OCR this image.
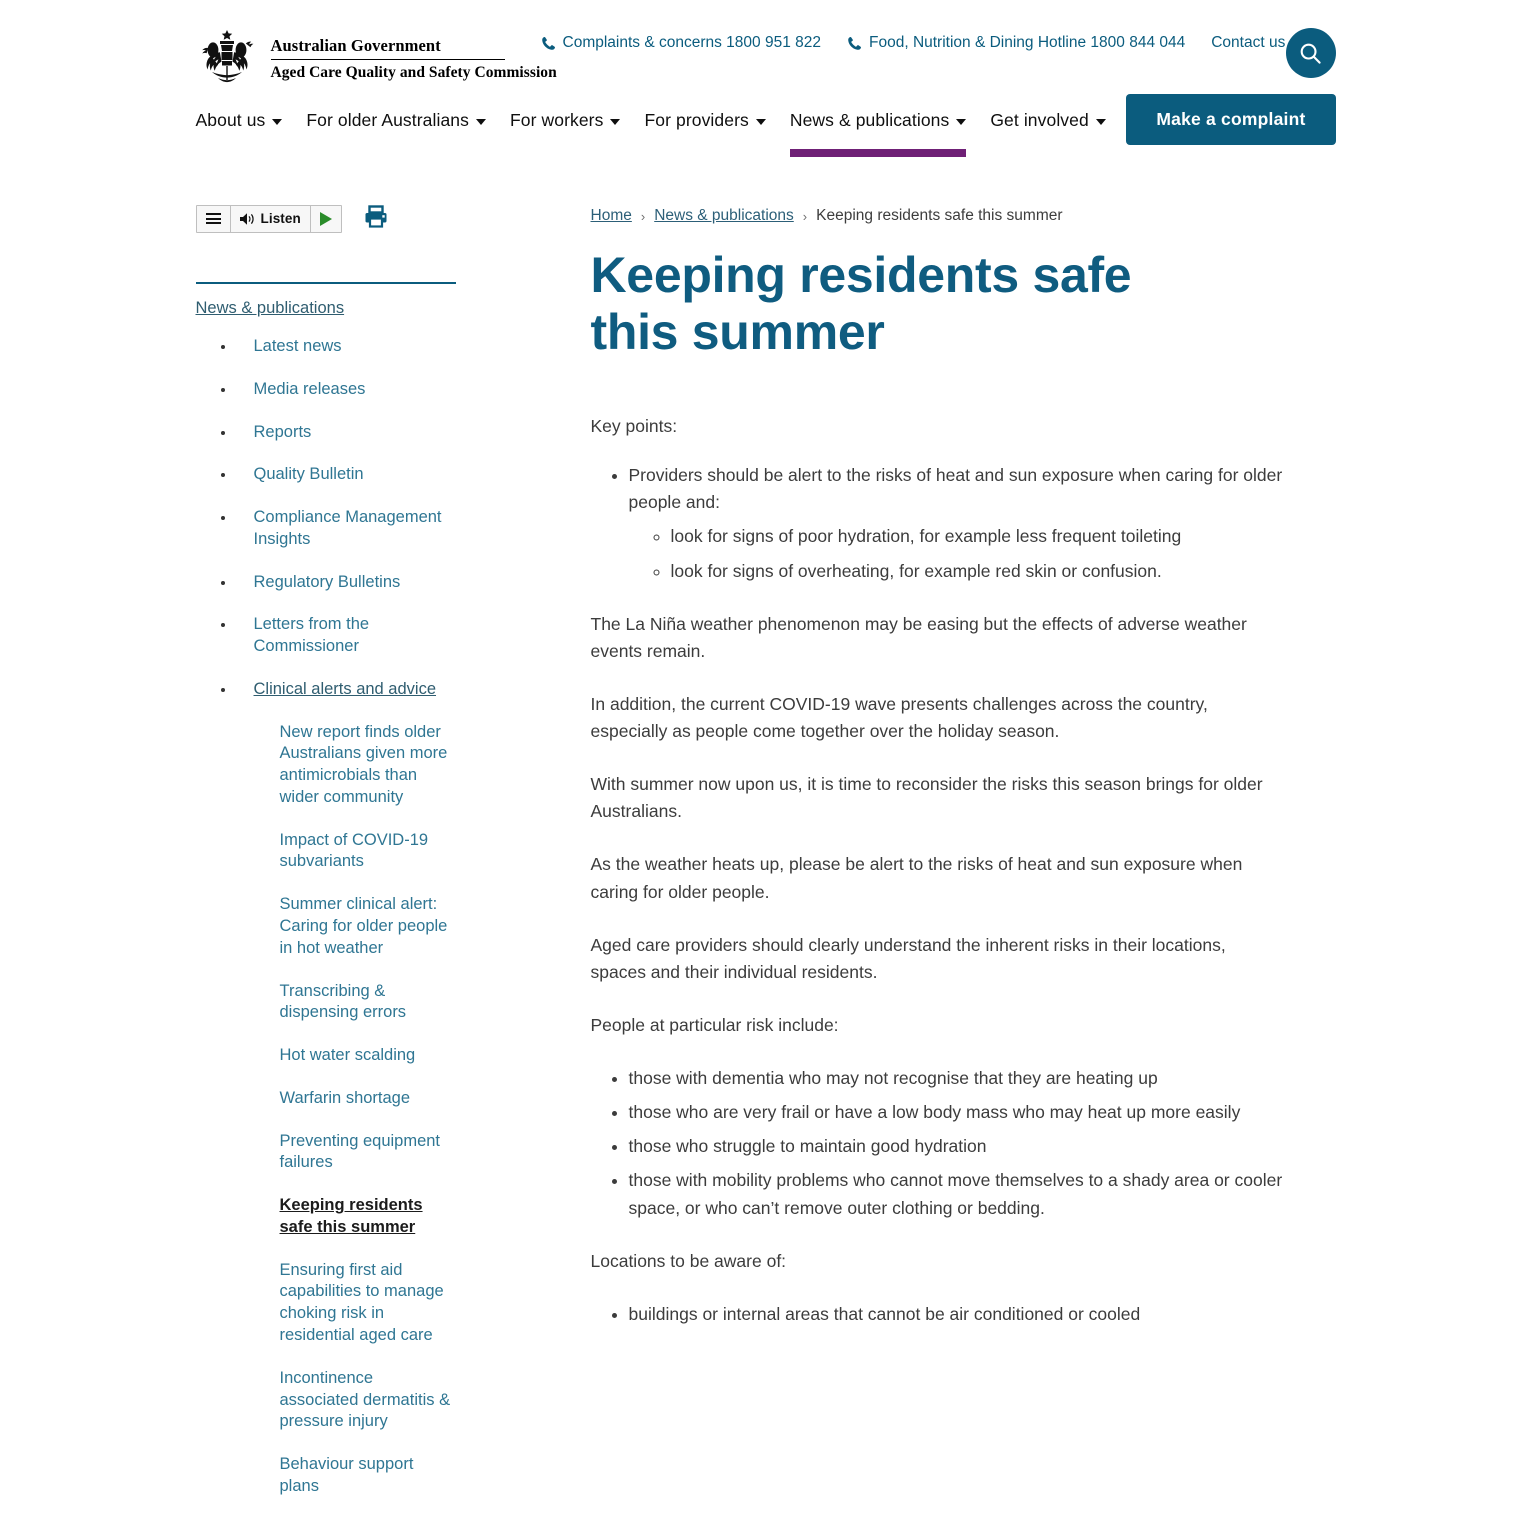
Australian Government
Aged Care Quality and Safety Commission
Complaints & concerns 1800 951 822	Food, Nutrition & Dining Hotline 1800 844 044 Contact us
About us For older Australians For workers For providers News & publications Get involved	Make a complaint
Listen
News & publications
• Latest news
• Media releases
• Reports
• Quality Bulletin
• Compliance Management Insights
• Regulatory Bulletins
• Letters from the Commissioner
• Clinical alerts and advice
New report finds older Australians given more antimicrobials than wider community
Impact of COVID-19 subvariants
Summer clinical alert: Caring for older people in hot weather
Transcribing & dispensing errors
Hot water scalding
Warfarin shortage
Preventing equipment failures
Keeping residents safe this summer
Ensuring first aid capabilities to manage choking risk in residential aged care
Incontinence associated dermatitis & pressure injury
Behaviour support plans
Home › News & publications › Keeping residents safe this summer
Keeping residents safe this summer

Key points:

• Providers should be alert to the risks of heat and sun exposure when caring for older people and:
◦ look for signs of poor hydration, for example less frequent toileting
◦ look for signs of overheating, for example red skin or confusion.

The La Niña weather phenomenon may be easing but the effects of adverse weather events remain.

In addition, the current COVID-19 wave presents challenges across the country, especially as people come together over the holiday season.

With summer now upon us, it is time to reconsider the risks this season brings for older Australians.

As the weather heats up, please be alert to the risks of heat and sun exposure when caring for older people.

Aged care providers should clearly understand the inherent risks in their locations, spaces and their individual residents.

People at particular risk include:

• those with dementia who may not recognise that they are heating up
• those who are very frail or have a low body mass who may heat up more easily
• those who struggle to maintain good hydration
• those with mobility problems who cannot move themselves to a shady area or cooler space, or who can’t remove outer clothing or bedding.

Locations to be aware of:

• buildings or internal areas that cannot be air conditioned or cooled
